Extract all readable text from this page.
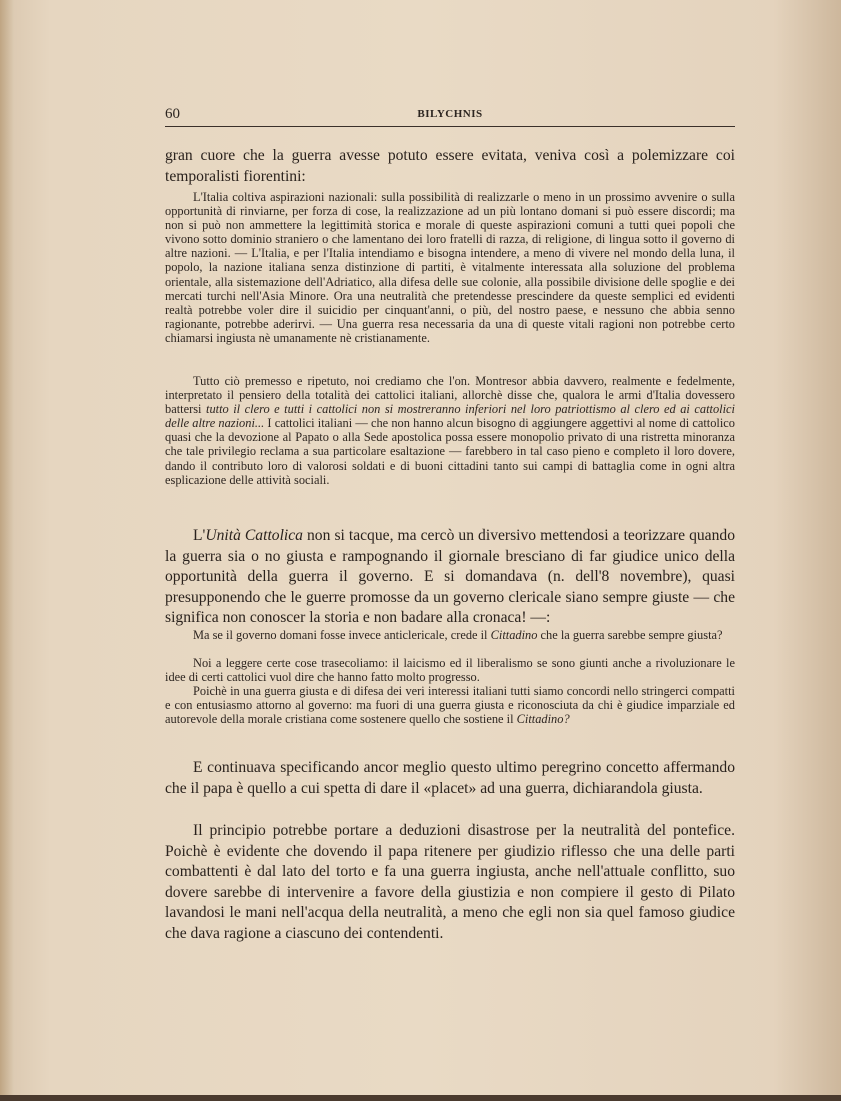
60	BILYCHNIS

gran cuore che la guerra avesse potuto essere evitata, veniva così a polemizzare coi temporalisti fiorentini:

L'Italia coltiva aspirazioni nazionali: sulla possibilità di realizzarle o meno in un prossimo avvenire o sulla opportunità di rinviarne, per forza di cose, la realizzazione ad un più lontano domani si può essere discordi; ma non si può non ammettere la legittimità storica e morale di queste aspirazioni comuni a tutti quei popoli che vivono sotto dominio straniero o che lamentano dei loro fratelli di razza, di religione, di lingua sotto il governo di altre nazioni. — L'Italia, e per l'Italia intendiamo e bisogna intendere, a meno di vivere nel mondo della luna, il popolo, la nazione italiana senza distinzione di partiti, è vitalmente interessata alla soluzione del problema orientale, alla sistemazione dell'Adriatico, alla difesa delle sue colonie, alla possibile divisione delle spoglie e dei mercati turchi nell'Asia Minore. Ora una neutralità che pretendesse prescindere da queste semplici ed evidenti realtà potrebbe voler dire il suicidio per cinquant'anni, o più, del nostro paese, e nessuno che abbia senno ragionante, potrebbe aderirvi. — Una guerra resa necessaria da una di queste vitali ragioni non potrebbe certo chiamarsi ingiusta nè umanamente nè cristianamente.

Tutto ciò premesso e ripetuto, noi crediamo che l'on. Montresor abbia davvero, realmente e fedelmente, interpretato il pensiero della totalità dei cattolici italiani, allorchè disse che, qualora le armi d'Italia dovessero battersi tutto il clero e tutti i cattolici non si mostreranno inferiori nel loro patriottismo al clero ed ai cattolici delle altre nazioni... I cattolici italiani — che non hanno alcun bisogno di aggiungere aggettivi al nome di cattolico quasi che la devozione al Papato o alla Sede apostolica possa essere monopolio privato di una ristretta minoranza che tale privilegio reclama a sua particolare esaltazione — farebbero in tal caso pieno e completo il loro dovere, dando il contributo loro di valorosi soldati e di buoni cittadini tanto sui campi di battaglia come in ogni altra esplicazione delle attività sociali.

L'Unità Cattolica non si tacque, ma cercò un diversivo mettendosi a teorizzare quando la guerra sia o no giusta e rampognando il giornale bresciano di far giudice unico della opportunità della guerra il governo. E si domandava (n. dell'8 novembre), quasi presupponendo che le guerre promosse da un governo clericale siano sempre giuste — che significa non conoscer la storia e non badare alla cronaca! —:

Ma se il governo domani fosse invece anticlericale, crede il Cittadino che la guerra sarebbe sempre giusta?

Noi a leggere certe cose trasecoliamo: il laicismo ed il liberalismo se sono giunti anche a rivoluzionare le idee di certi cattolici vuol dire che hanno fatto molto progresso.

Poichè in una guerra giusta e di difesa dei veri interessi italiani tutti siamo concordi nello stringerci compatti e con entusiasmo attorno al governo: ma fuori di una guerra giusta e riconosciuta da chi è giudice imparziale ed autorevole della morale cristiana come sostenere quello che sostiene il Cittadino?

E continuava specificando ancor meglio questo ultimo peregrino concetto affermando che il papa è quello a cui spetta di dare il «placet» ad una guerra, dichiarandola giusta.

Il principio potrebbe portare a deduzioni disastrose per la neutralità del pontefice. Poichè è evidente che dovendo il papa ritenere per giudizio riflesso che una delle parti combattenti è dal lato del torto e fa una guerra ingiusta, anche nell'attuale conflitto, suo dovere sarebbe di intervenire a favore della giustizia e non compiere il gesto di Pilato lavandosi le mani nell'acqua della neutralità, a meno che egli non sia quel famoso giudice che dava ragione a ciascuno dei contendenti.
